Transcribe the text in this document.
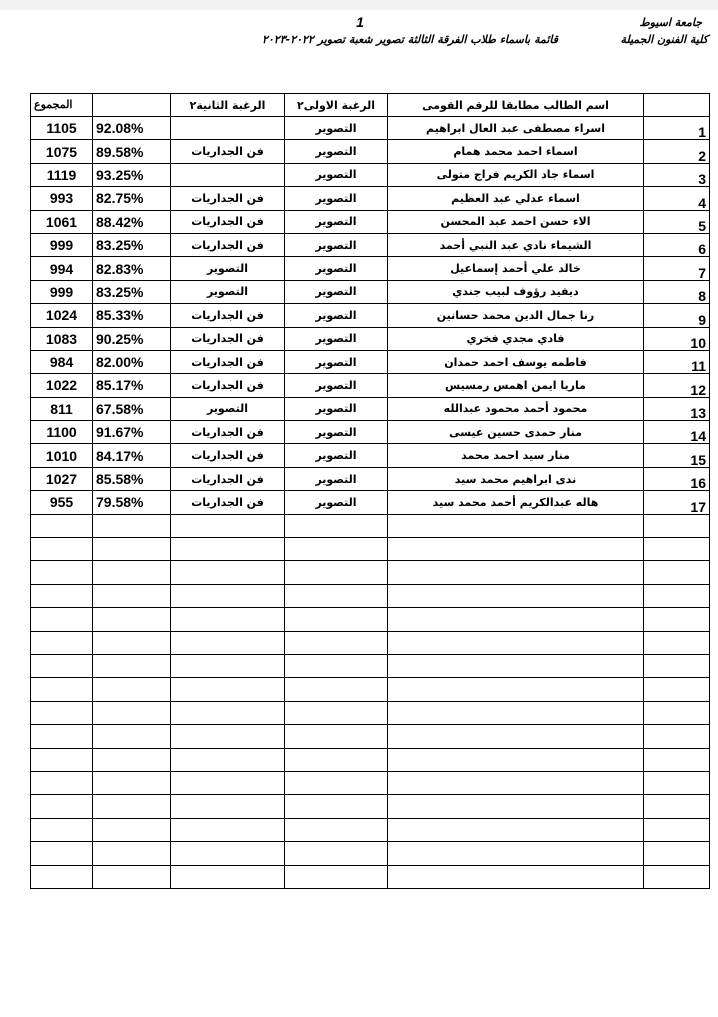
1	جامعة اسيوط
كلية الفنون الجميلة
قائمة باسماء طلاب الفرقة الثالثة تصوير شعبة تصوير ٢٠٢٢-٢٠٢٣
المجموع		الرغبة الثانية٢	الرغبة الاولى٢	اسم الطالب مطابقا للرقم القومى	
1105	92.08%		التصوير	اسراء مصطفى عبد العال ابراهيم	1
1075	89.58%	فن الجداريات	التصوير	اسماء احمد محمد همام	2
1119	93.25%		التصوير	اسماء جاد الكريم فراج متولى	3
993	82.75%	فن الجداريات	التصوير	اسماء عدلي عبد العظيم	4
1061	88.42%	فن الجداريات	التصوير	الاء حسن احمد عبد المحسن	5
999	83.25%	فن الجداريات	التصوير	الشيماء نادي عبد النبي أحمد	6
994	82.83%	التصوير	التصوير	خالد علي أحمد إسماعيل	7
999	83.25%	التصوير	التصوير	ديفيد رؤوف لبيب جندي	8
1024	85.33%	فن الجداريات	التصوير	رنا جمال الدين محمد حسانين	9
1083	90.25%	فن الجداريات	التصوير	فادي مجدي فخري	10
984	82.00%	فن الجداريات	التصوير	فاطمه يوسف احمد حمدان	11
1022	85.17%	فن الجداريات	التصوير	ماريا ايمن اهمس رمسيس	12
811	67.58%	التصوير	التصوير	محمود أحمد محمود عبدالله	13
1100	91.67%	فن الجداريات	التصوير	منار حمدى حسين عيسى	14
1010	84.17%	فن الجداريات	التصوير	منار سيد احمد محمد	15
1027	85.58%	فن الجداريات	التصوير	ندى ابراهيم محمد سيد	16
955	79.58%	فن الجداريات	التصوير	هاله عبدالكريم أحمد محمد سيد	17
